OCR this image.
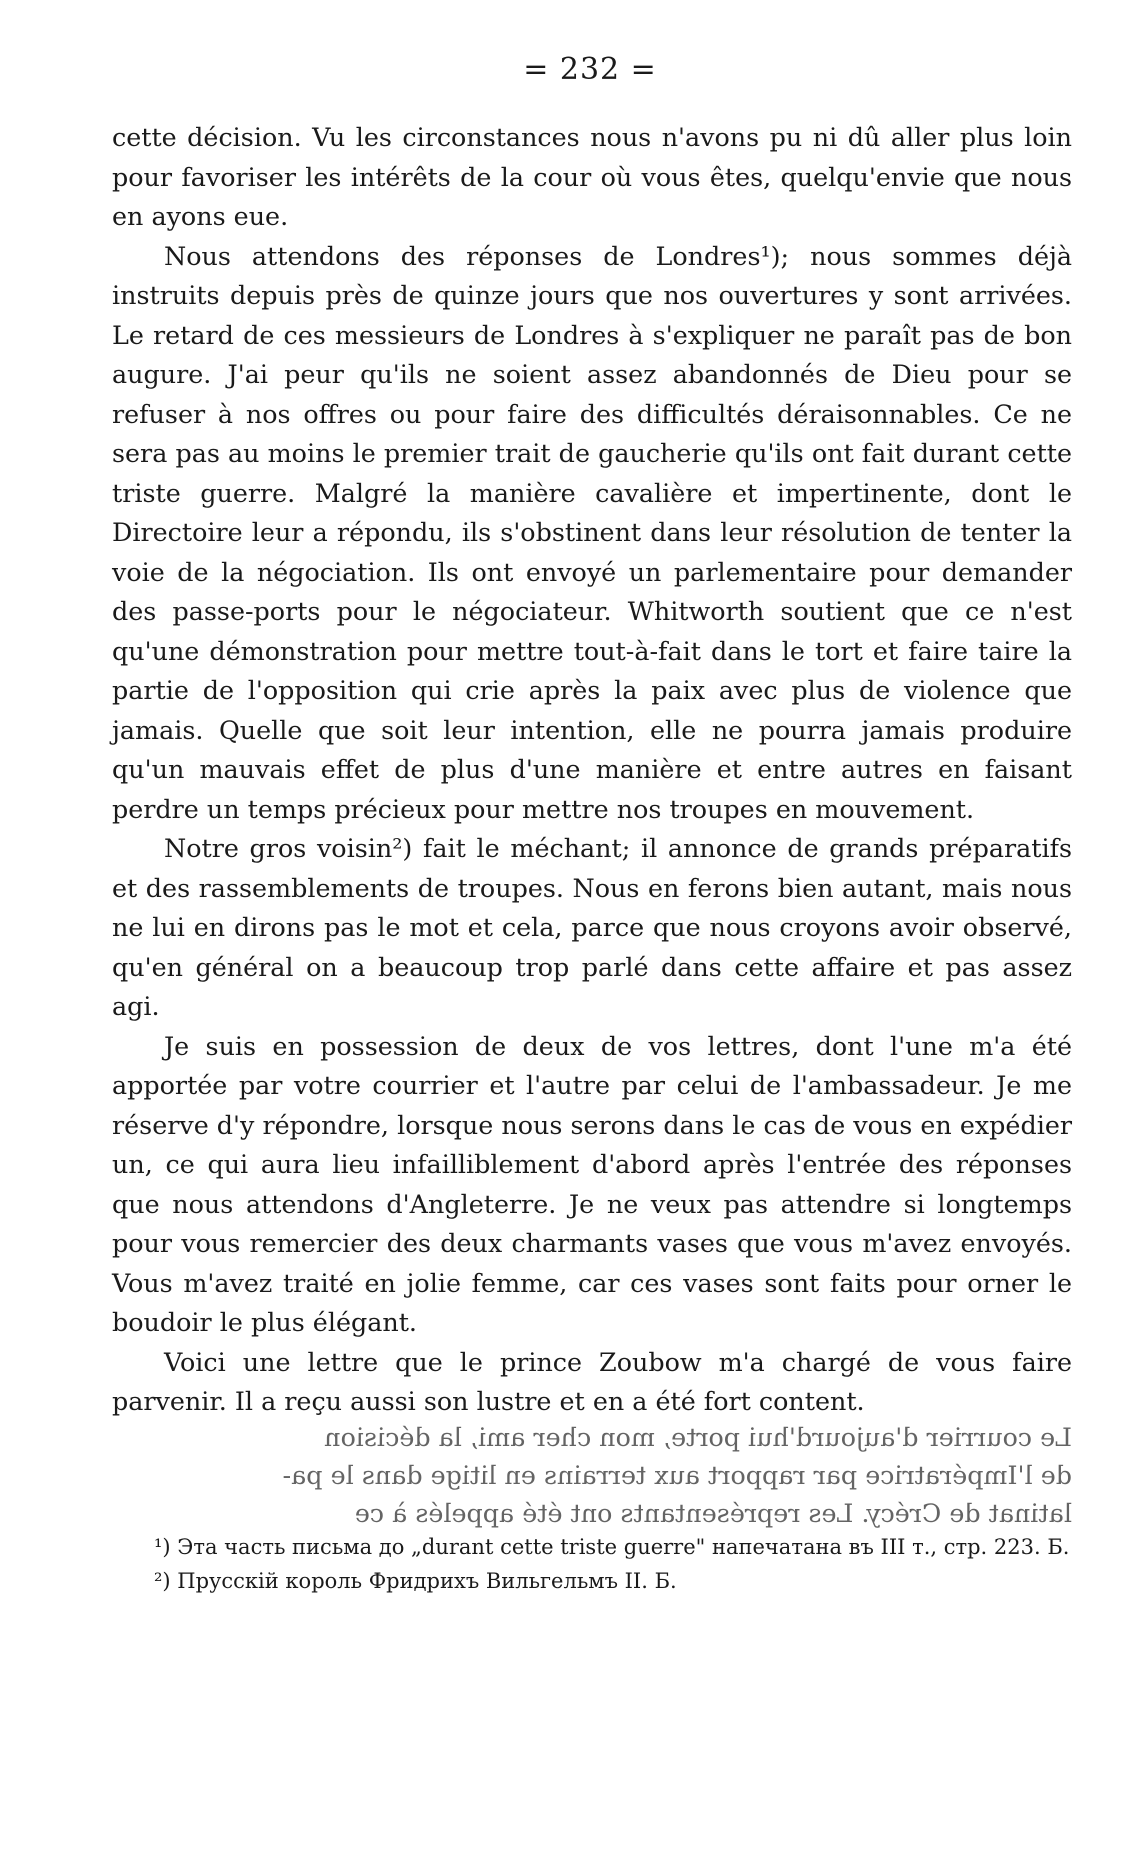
= 232 =

cette décision. Vu les circonstances nous n'avons pu ni dû aller plus loin pour favoriser les intérêts de la cour où vous êtes, quelqu'envie que nous en ayons eue.

Nous attendons des réponses de Londres¹); nous sommes déjà instruits depuis près de quinze jours que nos ouvertures y sont arrivées. Le retard de ces messieurs de Londres à s'expliquer ne paraît pas de bon augure. J'ai peur qu'ils ne soient assez abandonnés de Dieu pour se refuser à nos offres ou pour faire des difficultés déraisonnables. Ce ne sera pas au moins le premier trait de gaucherie qu'ils ont fait durant cette triste guerre. Malgré la manière cavalière et impertinente, dont le Directoire leur a répondu, ils s'obstinent dans leur résolution de tenter la voie de la négociation. Ils ont envoyé un parlementaire pour demander des passe-ports pour le négociateur. Whitworth soutient que ce n'est qu'une démonstration pour mettre tout-à-fait dans le tort et faire taire la partie de l'opposition qui crie après la paix avec plus de violence que jamais. Quelle que soit leur intention, elle ne pourra jamais produire qu'un mauvais effet de plus d'une manière et entre autres en faisant perdre un temps précieux pour mettre nos troupes en mouvement.

Notre gros voisin²) fait le méchant; il annonce de grands préparatifs et des rassemblements de troupes. Nous en ferons bien autant, mais nous ne lui en dirons pas le mot et cela, parce que nous croyons avoir observé, qu'en général on a beaucoup trop parlé dans cette affaire et pas assez agi.

Je suis en possession de deux de vos lettres, dont l'une m'a été apportée par votre courrier et l'autre par celui de l'ambassadeur. Je me réserve d'y répondre, lorsque nous serons dans le cas de vous en expédier un, ce qui aura lieu infailliblement d'abord après l'entrée des réponses que nous attendons d'Angleterre. Je ne veux pas attendre si longtemps pour vous remercier des deux charmants vases que vous m'avez envoyés. Vous m'avez traité en jolie femme, car ces vases sont faits pour orner le boudoir le plus élégant.

Voici une lettre que le prince Zoubow m'a chargé de vous faire parvenir. Il a reçu aussi son lustre et en a été fort content.

Le courrier d'aujourd'hui porte, mon cher ami, la décision
de l'Impératrice par rapport aux terrains en litige dans le pa-
latinat de Crécy. Les représentants ont été appelés à ce

¹) Эта часть письма до „durant cette triste guerre" напечатана въ III т., стр. 223. Б.

²) Прусскій король Фридрихъ Вильгельмъ II. Б.
